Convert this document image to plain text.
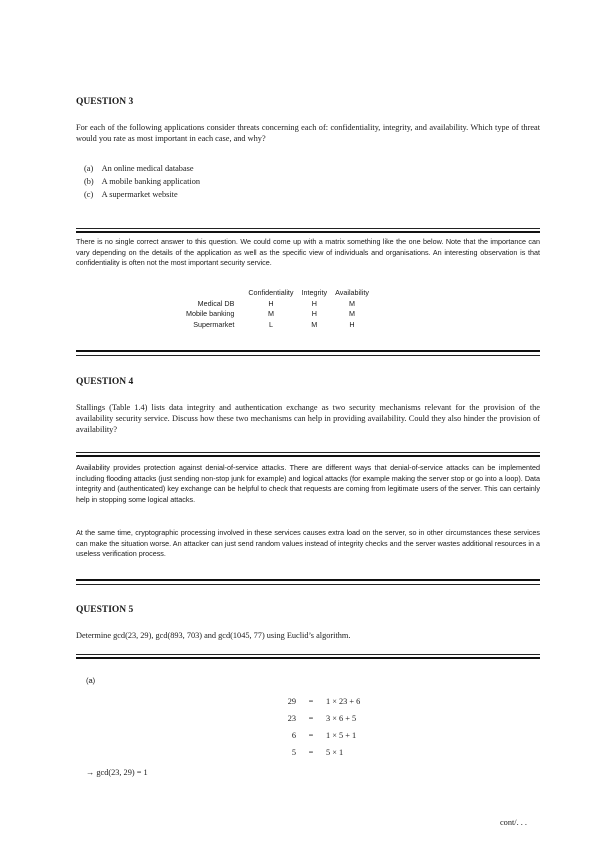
QUESTION 3
For each of the following applications consider threats concerning each of: confidentiality, integrity, and availability. Which type of threat would you rate as most important in each case, and why?
(a) An online medical database
(b) A mobile banking application
(c) A supermarket website
There is no single correct answer to this question. We could come up with a matrix something like the one below. Note that the importance can vary depending on the details of the application as well as the specific view of individuals and organisations. An interesting observation is that confidentiality is often not the most important security service.
	Confidentiality	Integrity	Availability
Medical DB	H	H	M
Mobile banking	M	H	M
Supermarket	L	M	H
QUESTION 4
Stallings (Table 1.4) lists data integrity and authentication exchange as two security mechanisms relevant for the provision of the availability security service. Discuss how these two mechanisms can help in providing availability. Could they also hinder the provision of availability?
Availability provides protection against denial-of-service attacks. There are different ways that denial-of-service attacks can be implemented including flooding attacks (just sending non-stop junk for example) and logical attacks (for example making the server stop or go into a loop). Data integrity and (authenticated) key exchange can be helpful to check that requests are coming from legitimate users of the server. This can certainly help in stopping some logical attacks.
At the same time, cryptographic processing involved in these services causes extra load on the server, so in other circumstances these services can make the situation worse. An attacker can just send random values instead of integrity checks and the server wastes additional resources in a useless verification process.
QUESTION 5
Determine gcd(23, 29), gcd(893, 703) and gcd(1045, 77) using Euclid’s algorithm.
(a)
29	=	1 × 23 + 6
23	=	3 × 6 + 5
6	=	1 × 5 + 1
5	=	5 × 1
→ gcd(23, 29) = 1
cont/. . .
